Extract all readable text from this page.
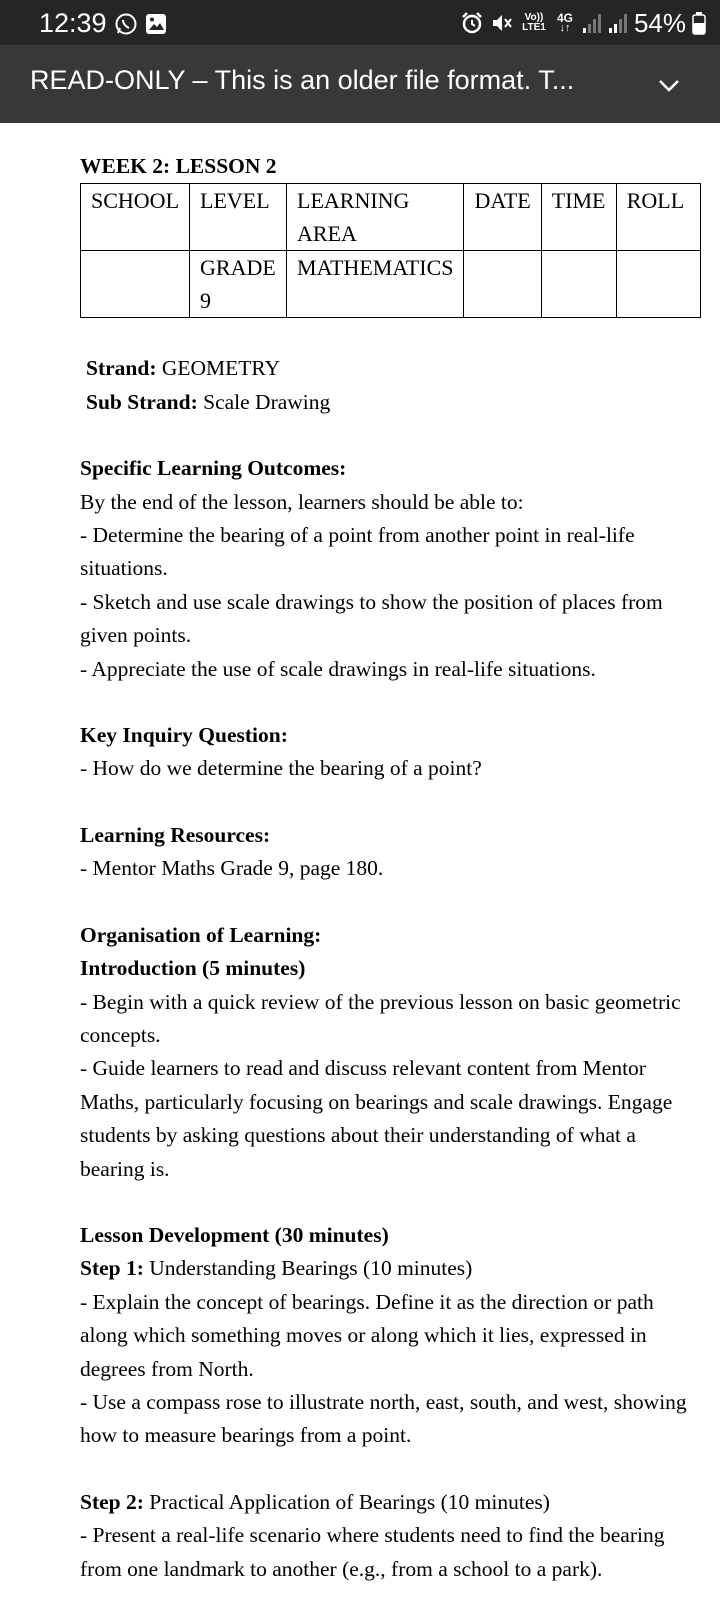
12:39	Vo))
LTE1
4G
↓↑ 54%
READ-ONLY – This is an older file format. T...

WEEK 2: LESSON 2

SCHOOL	LEVEL	LEARNING AREA	DATE	TIME	ROLL
	GRADE 9	MATHEMATICS			

Strand: GEOMETRY

Sub Strand: Scale Drawing

Specific Learning Outcomes:

By the end of the lesson, learners should be able to:

- Determine the bearing of a point from another point in real-life situations.

- Sketch and use scale drawings to show the position of places from given points.

- Appreciate the use of scale drawings in real-life situations.

Key Inquiry Question:

- How do we determine the bearing of a point?

Learning Resources:

- Mentor Maths Grade 9, page 180.

Organisation of Learning:

Introduction (5 minutes)

- Begin with a quick review of the previous lesson on basic geometric concepts.

- Guide learners to read and discuss relevant content from Mentor Maths, particularly focusing on bearings and scale drawings. Engage students by asking questions about their understanding of what a bearing is.

Lesson Development (30 minutes)

Step 1: Understanding Bearings (10 minutes)

- Explain the concept of bearings. Define it as the direction or path along which something moves or along which it lies, expressed in degrees from North.

- Use a compass rose to illustrate north, east, south, and west, showing how to measure bearings from a point.

Step 2: Practical Application of Bearings (10 minutes)

- Present a real-life scenario where students need to find the bearing from one landmark to another (e.g., from a school to a park).
